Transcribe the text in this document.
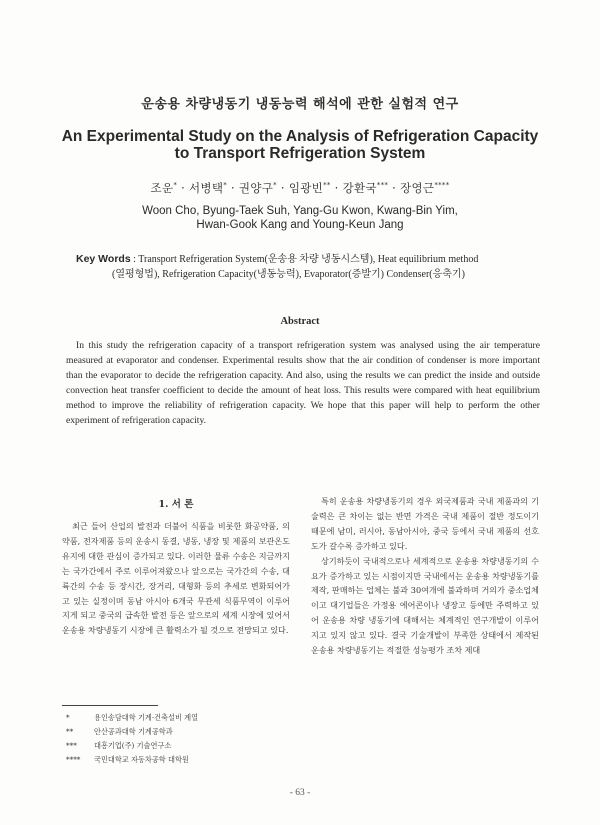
운송용 차량냉동기 냉동능력 해석에 관한 실험적 연구
An Experimental Study on the Analysis of Refrigeration Capacity
to Transport Refrigeration System
조운* · 서병택* · 권양구* · 임광빈** · 강환국*** · 장영근****
Woon Cho, Byung-Taek Suh, Yang-Gu Kwon, Kwang-Bin Yim,
Hwan-Gook Kang and Young-Keun Jang
Key Words : Transport Refrigeration System(운송용 차량 냉동시스템), Heat equilibrium method
(열평형법), Refrigeration Capacity(냉동능력), Evaporator(증발기) Condenser(응축기)
Abstract

In this study the refrigeration capacity of a transport refrigeration system was analysed using the air temperature measured at evaporator and condenser. Experimental results show that the air condition of condenser is more important than the evaporator to decide the refrigeration capacity. And also, using the results we can predict the inside and outside convection heat transfer coefficient to decide the amount of heat loss. This results were compared with heat equilibrium method to improve the reliability of refrigeration capacity. We hope that this paper will help to perform the other experiment of refrigeration capacity.

1. 서 론

최근 들어 산업의 발전과 더불어 식품을 비롯한 화공약품, 의약품, 전자제품 등의 운송시 동결, 냉동, 냉장 및 제품의 보관온도 유지에 대한 관심이 증가되고 있다. 이러한 물류 수송은 지금까지는 국가간에서 주로 이루어져왔으나 앞으로는 국가간의 수송, 대륙간의 수송 등 장시간, 장거리, 대형화 등의 추세로 변화되어가고 있는 실정이며 동남 아시아 6개국 무관세 식품무역이 이루어지게 되고 중국의 급속한 발전 등은 앞으로의 세계 시장에 있어서 운송용 차량냉동기 시장에 큰 활력소가 될 것으로 전망되고 있다.

특히 운송용 차량냉동기의 경우 외국제품과 국내 제품과의 기술력은 큰 차이는 없는 반면 가격은 국내 제품이 절반 정도이기 때문에 남미, 러시아, 동남아시아, 중국 등에서 국내 제품의 선호도가 갈수록 증가하고 있다.

상기하듯이 국내적으로나 세계적으로 운송용 차량냉동기의 수요가 증가하고 있는 시점이지만 국내에서는 운송용 차량냉동기를 제작, 판매하는 업체는 불과 30여개에 불과하며 거의가 중소업체이고 대기업들은 가정용 에어콘이나 냉장고 등에만 주력하고 있어 운송용 차량 냉동기에 대해서는 체계적인 연구개발이 이루어지고 있지 않고 있다. 결국 기술개발이 부족한 상태에서 제작된 운송용 차량냉동기는 적절한 성능평가 조차 제대

*	용인송담대학 기계·건축설비 계열
**	안산공과대학 기계공학과
*** 대흥기업(주) 기술연구소
**** 국민대학교 자동차공학 대학원
- 63 -
